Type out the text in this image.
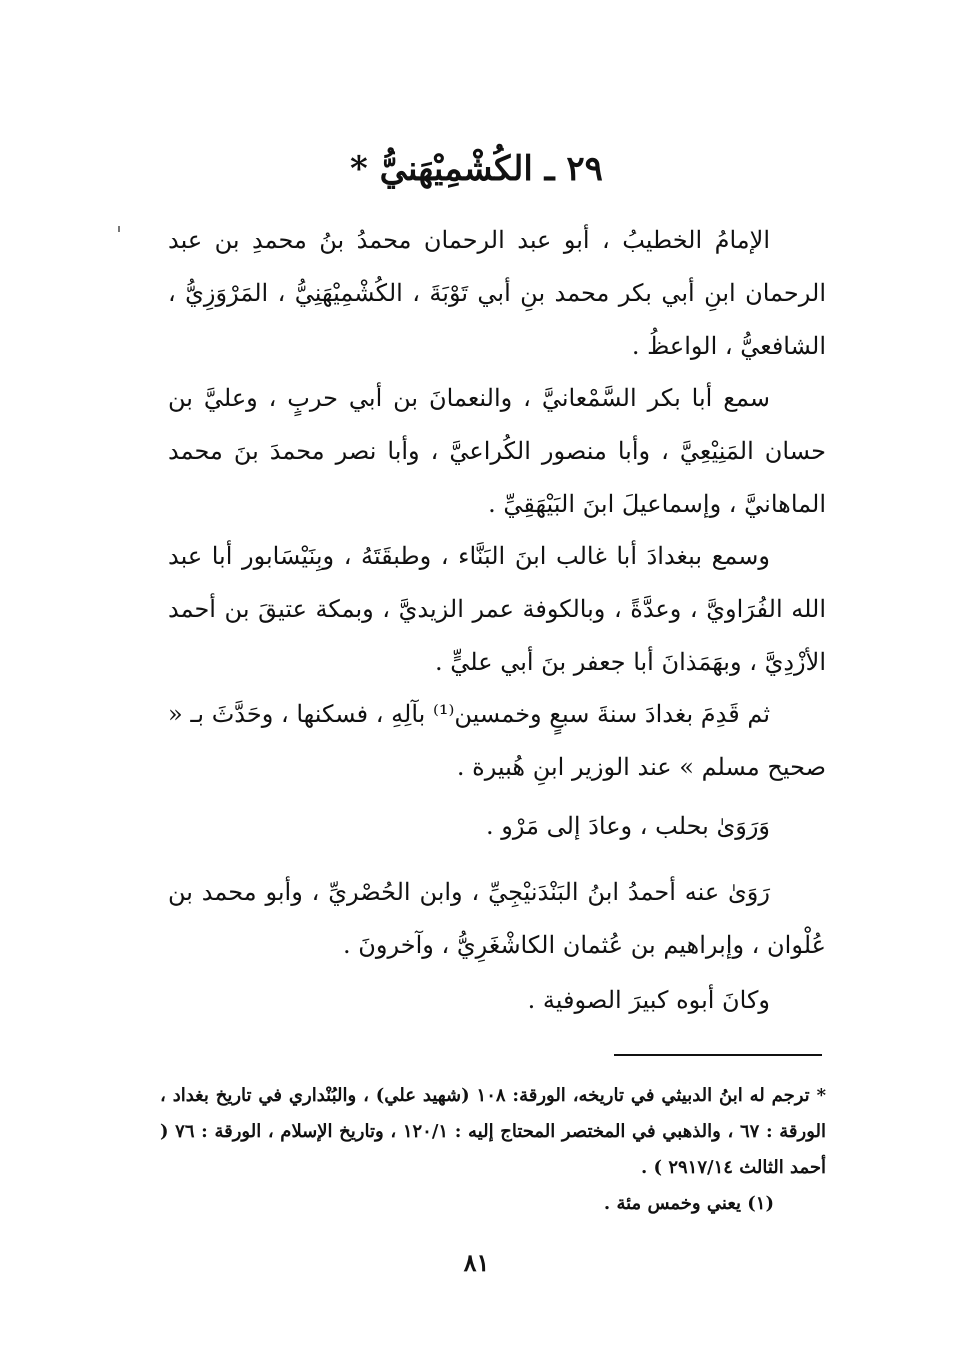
٢٩ ـ الكُشْمِيْهَنيُّ *
الإمامُ الخطيبُ ، أبو عبد الرحمان محمدُ بنُ محمدِ بن عبد الرحمان ابنِ أبي بكر محمد بنِ أبي تَوْبَةَ ، الكُشْمِيْهَنِيُّ ، المَرْوَزِيُّ ، الشافعيُّ ، الواعظُ .
سمع أبا بكر السَّمْعانيَّ ، والنعمانَ بن أبي حربٍ ، وعليَّ بن حسان المَنِيْعِيَّ ، وأبا منصور الكُراعيَّ ، وأبا نصر محمدَ بنَ محمد الماهانيَّ ، وإسماعيلَ ابنَ البَيْهَقِيِّ .
وسمع ببغدادَ أبا غالب ابنَ البَنَّاء ، وطبقَتَهُ ، وبِنَيْسَابور أبا عبد الله الفُرَاويَّ ، وعدَّةً ، وبالكوفة عمر الزيديَّ ، وبمكة عتيقَ بن أحمد الأزْدِيَّ ، وبهَمَذانَ أبا جعفر بنَ أبي عليٍّ .
ثم قَدِمَ بغدادَ سنةَ سبعٍ وخمسين⁽¹⁾ بآلِهِ ، فسكنها ، وحَدَّثَ بـ « صحيح مسلم » عند الوزير ابنِ هُبيرة .
وَرَوَىٰ بحلب ، وعادَ إلى مَرْو .
رَوَىٰ عنه أحمدُ ابنُ البَنْدَنيْجِيِّ ، وابن الحُصْريِّ ، وأبو محمد بن عُلْوان ، وإبراهيم بن عُثمان الكاشْغَرِيُّ ، وآخرونَ .
وكانَ أبوه كبيرَ الصوفية .

* ترجم له ابنُ الدبيثي في تاريخه، الورقة: ١٠٨ (شهيد علي) ، والبُنْداري في تاريخ بغداد ، الورقة : ٦٧ ، والذهبي في المختصر المحتاج إليه : ١٢٠/١ ، وتاريخ الإسلام ، الورقة : ٧٦ ( أحمد الثالث ٢٩١٧/١٤ ) .

(١) يعني وخمس مئة .

٨١
